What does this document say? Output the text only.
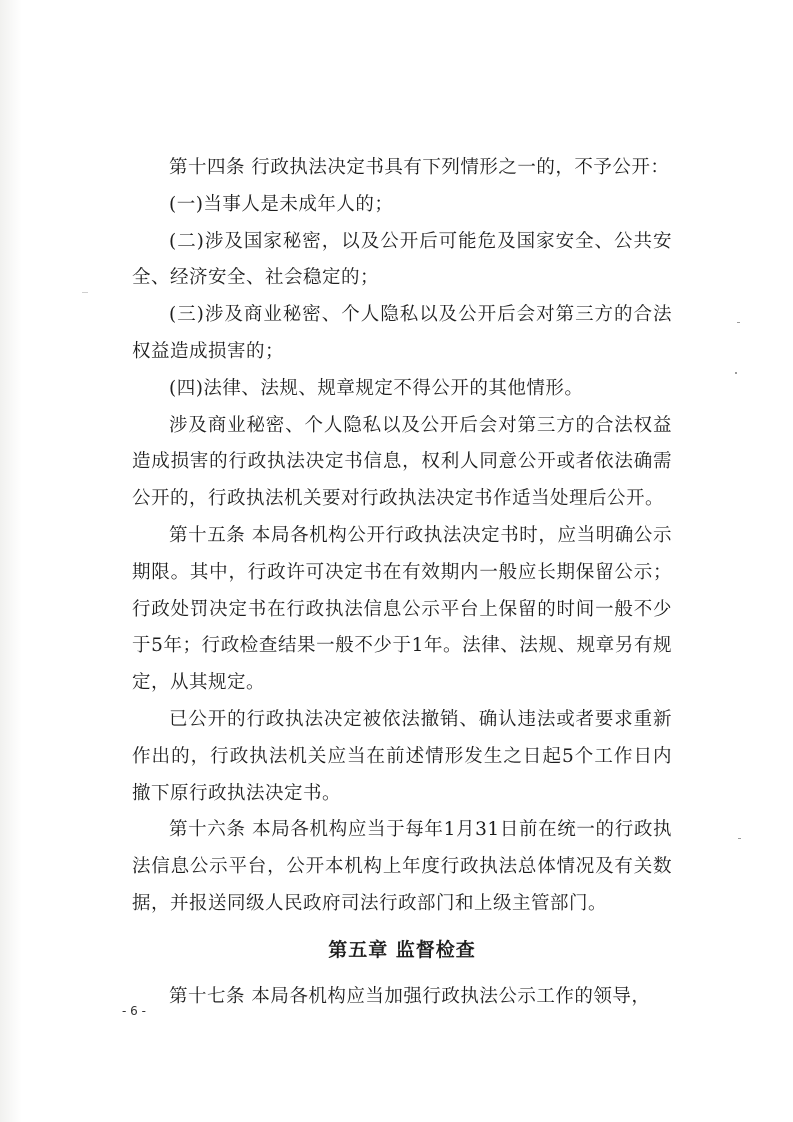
第十四条 行政执法决定书具有下列情形之一的，不予公开：

(一)当事人是未成年人的；

(二)涉及国家秘密，以及公开后可能危及国家安全、公共安全、经济安全、社会稳定的；

(三)涉及商业秘密、个人隐私以及公开后会对第三方的合法权益造成损害的；

(四)法律、法规、规章规定不得公开的其他情形。

涉及商业秘密、个人隐私以及公开后会对第三方的合法权益造成损害的行政执法决定书信息，权利人同意公开或者依法确需公开的，行政执法机关要对行政执法决定书作适当处理后公开。

第十五条 本局各机构公开行政执法决定书时，应当明确公示期限。其中，行政许可决定书在有效期内一般应长期保留公示；行政处罚决定书在行政执法信息公示平台上保留的时间一般不少于5年；行政检查结果一般不少于1年。法律、法规、规章另有规定，从其规定。

已公开的行政执法决定被依法撤销、确认违法或者要求重新作出的，行政执法机关应当在前述情形发生之日起5个工作日内撤下原行政执法决定书。

第十六条 本局各机构应当于每年1月31日前在统一的行政执法信息公示平台，公开本机构上年度行政执法总体情况及有关数据，并报送同级人民政府司法行政部门和上级主管部门。

第五章 监督检查

第十七条 本局各机构应当加强行政执法公示工作的领导，

- 6 -
